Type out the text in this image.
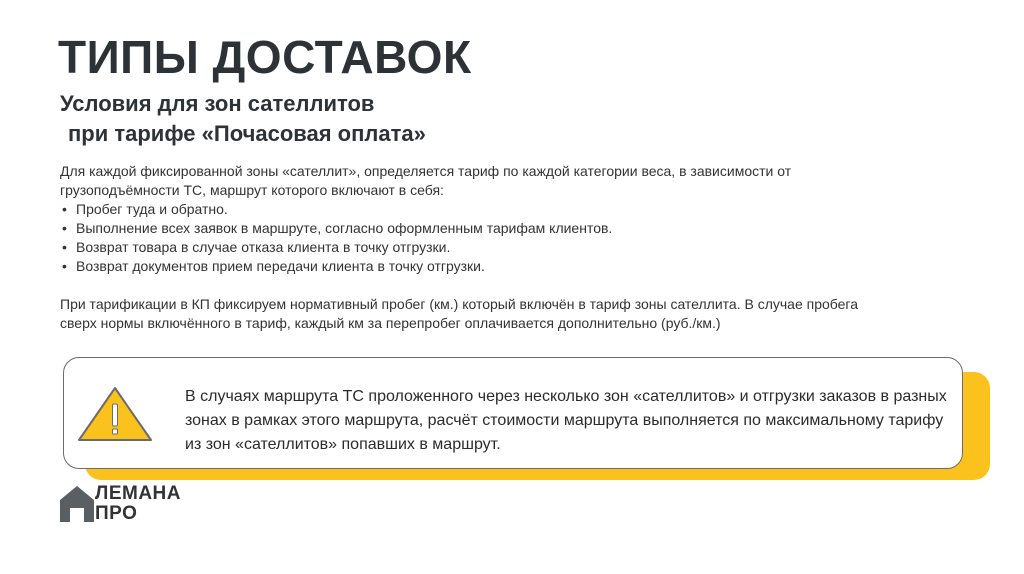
ТИПЫ ДОСТАВОК
Условия для зон сателлитов
при тарифе «Почасовая оплата»

Для каждой фиксированной зоны «сателлит», определяется тариф по каждой категории веса, в зависимости от грузоподъёмности ТС, маршрут которого включают в себя:

• Пробег туда и обратно.
• Выполнение всех заявок в маршруте, согласно оформленным тарифам клиентов.
• Возврат товара в случае отказа клиента в точку отгрузки.
• Возврат документов прием передачи клиента в точку отгрузки.

При тарификации в КП фиксируем нормативный пробег (км.) который включён в тариф зоны сателлита. В случае пробега сверх нормы включённого в тариф, каждый км за перепробег оплачивается дополнительно (руб./км.)

В случаях маршрута ТС проложенного через несколько зон «сателлитов» и отгрузки заказов в разных зонах в рамках этого маршрута, расчёт стоимости маршрута выполняется по максимальному тарифу из зон «сателлитов» попавших в маршрут.

ЛЕМАНА
ПРО
